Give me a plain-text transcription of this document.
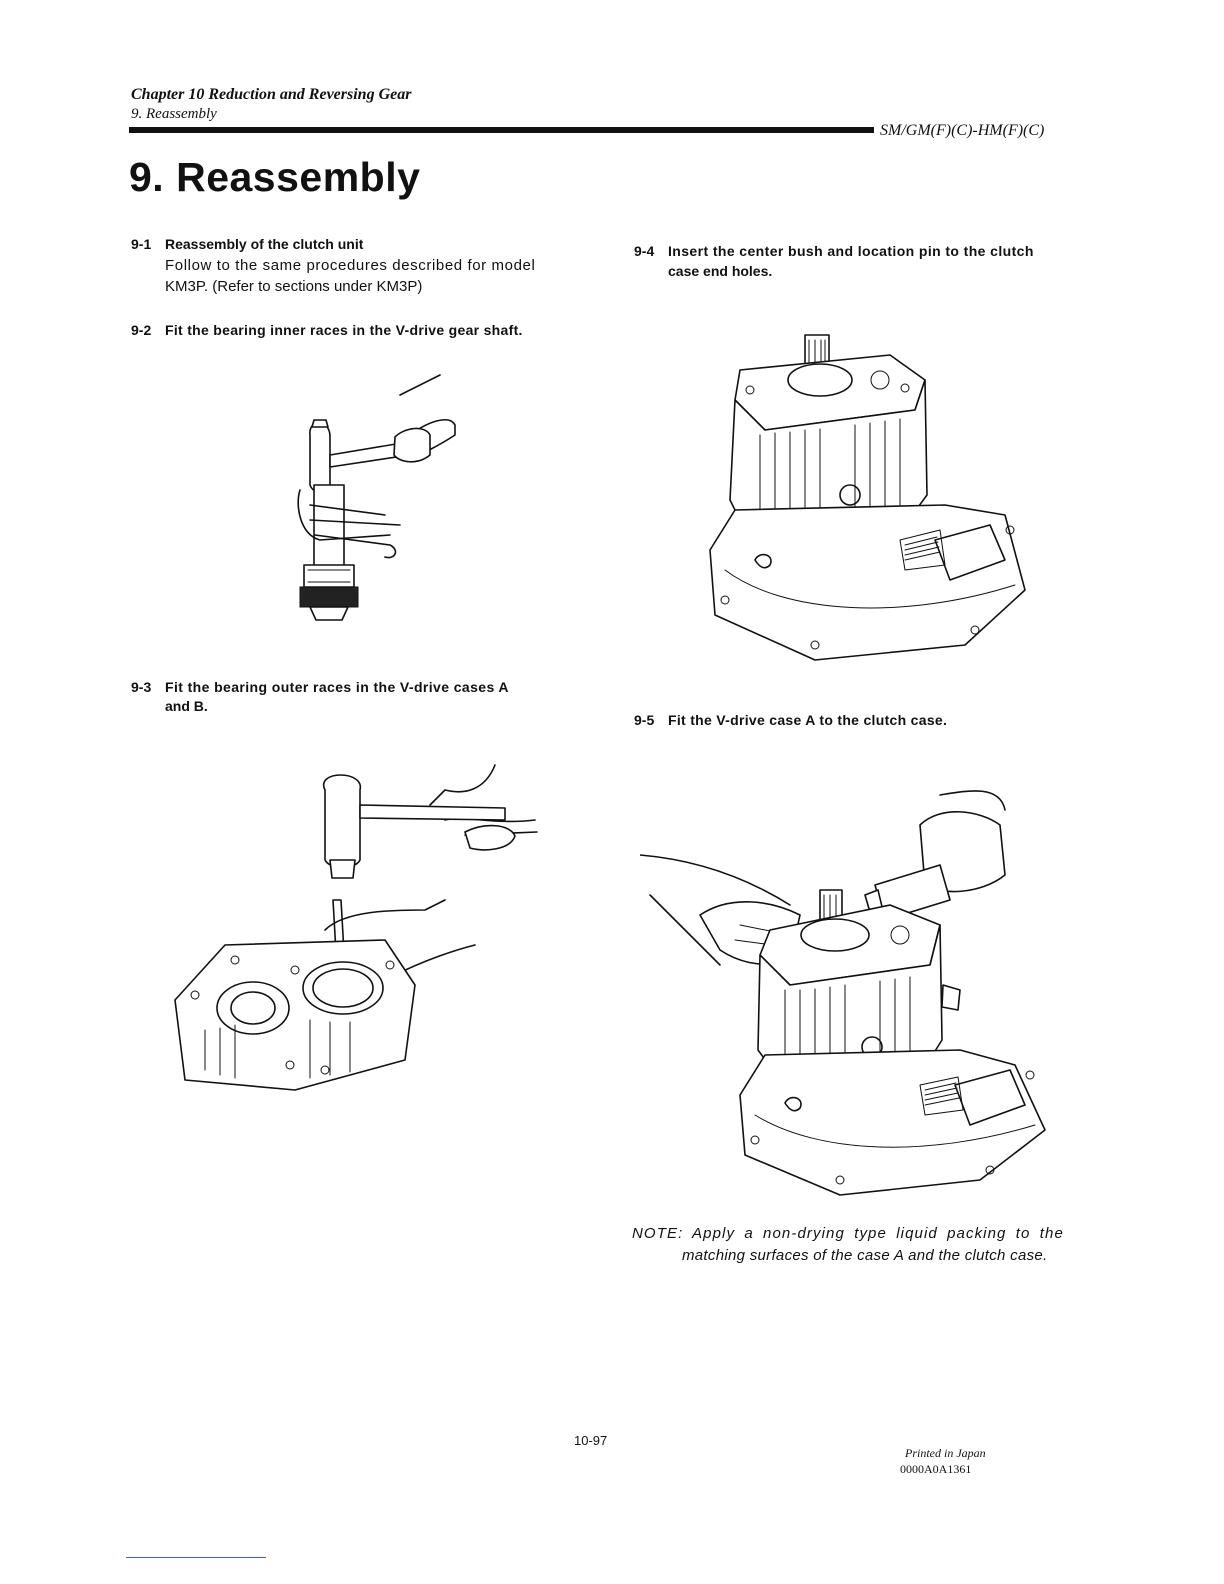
Chapter 10 Reduction and Reversing Gear
9. Reassembly
SM/GM(F)(C)-HM(F)(C)
9. Reassembly
9-1 Reassembly of the clutch unit
Follow to the same procedures described for model
KM3P. (Refer to sections under KM3P)
9-2 Fit the bearing inner races in the V-drive gear shaft.
9-3 Fit the bearing outer races in the V-drive cases A
and B.
9-4 Insert the center bush and location pin to the clutch
case end holes.
9-5 Fit the V-drive case A to the clutch case.
NOTE: Apply a non-drying type liquid packing to the
matching surfaces of the case A and the clutch case.
10-97
Printed in Japan
0000A0A1361
